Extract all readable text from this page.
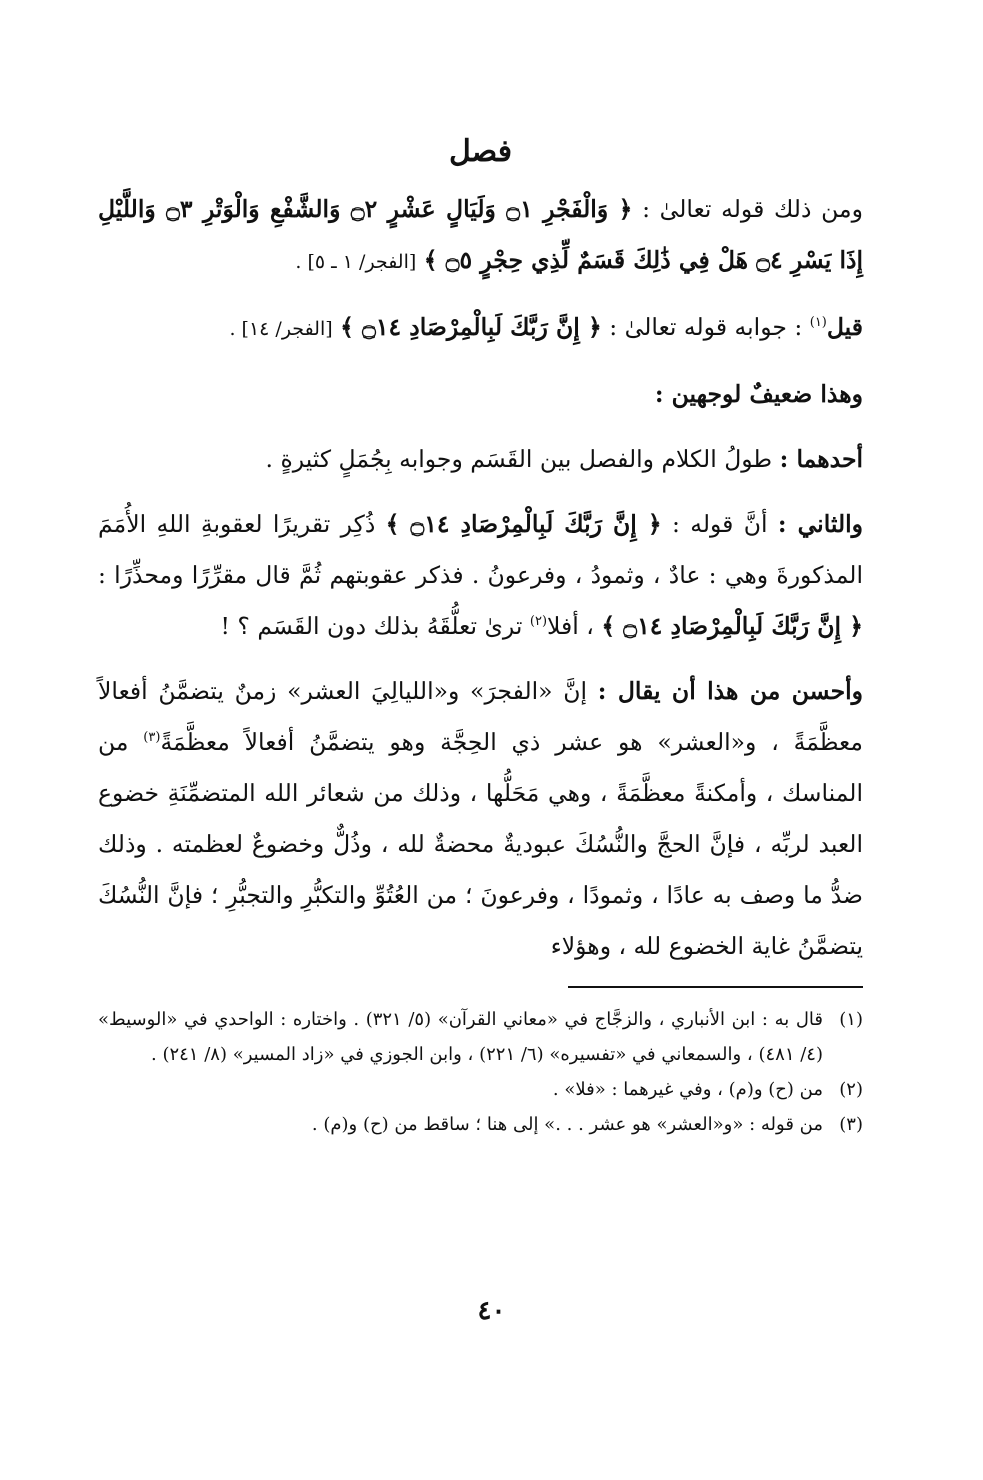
فصل
ومن ذلك قوله تعالىٰ : ﴿ وَالْفَجْرِ ۝١ وَلَيَالٍ عَشْرٍ ۝٢ وَالشَّفْعِ وَالْوَتْرِ ۝٣ وَاللَّيْلِ إِذَا يَسْرِ ۝٤ هَلْ فِي ذَٰلِكَ قَسَمٌ لِّذِي حِجْرٍ ۝٥ ﴾ [الفجر/ ١ ـ ٥] .
قيل$^{(١)}$ : جوابه قوله تعالىٰ : ﴿ إِنَّ رَبَّكَ لَبِالْمِرْصَادِ ۝١٤ ﴾ [الفجر/ ١٤] .
وهذا ضعيفٌ لوجهين :
أحدهما : طولُ الكلام والفصل بين القَسَم وجوابه بِجُمَلٍ كثيرةٍ .
والثاني : أنَّ قوله : ﴿ إِنَّ رَبَّكَ لَبِالْمِرْصَادِ ۝١٤ ﴾ ذُكِر تقريرًا لعقوبةِ اللهِ الأُمَمَ المذكورةَ وهي : عادٌ ، وثمودُ ، وفرعونُ . فذكر عقوبتهم ثُمَّ قال مقرِّرًا ومحذِّرًا : ﴿ إِنَّ رَبَّكَ لَبِالْمِرْصَادِ ۝١٤ ﴾ ، أفلا$^{(٢)}$ ترىٰ تعلُّقَهُ بذلك دون القَسَم ؟ !
وأحسن من هذا أن يقال : إنَّ «الفجرَ» و«الليالِيَ العشر» زمنٌ يتضمَّنُ أفعالاً معظَّمَةً ، و«العشر» هو عشر ذي الحِجَّة وهو يتضمَّنُ أفعالاً معظَّمَةً$^{(٣)}$ من المناسك ، وأمكنةً معظَّمَةً ، وهي مَحَلُّها ، وذلك من شعائر الله المتضمِّنَةِ خضوع العبد لربِّه ، فإنَّ الحجَّ والنُّسُكَ عبوديةٌ محضةٌ لله ، وذُلٌّ وخضوعٌ لعظمته . وذلك ضدُّ ما وصف به عادًا ، وثمودًا ، وفرعونَ ؛ من العُتُوِّ والتكبُّرِ والتجبُّرِ ؛ فإنَّ النُّسُكَ يتضمَّنُ غاية الخضوع لله ، وهؤلاء
(١)
قال به : ابن الأنباري ، والزجَّاج في «معاني القرآن» (٥/ ٣٢١) . واختاره : الواحدي في «الوسيط» (٤/ ٤٨١) ، والسمعاني في «تفسيره» (٦/ ٢٢١) ، وابن الجوزي في «زاد المسير» (٨/ ٢٤١) .
(٢)
من (ح) و(م) ، وفي غيرهما : «فلا» .
(٣)
من قوله : «و«العشر» هو عشر . . .» إلى هنا ؛ ساقط من (ح) و(م) .
٤٠
